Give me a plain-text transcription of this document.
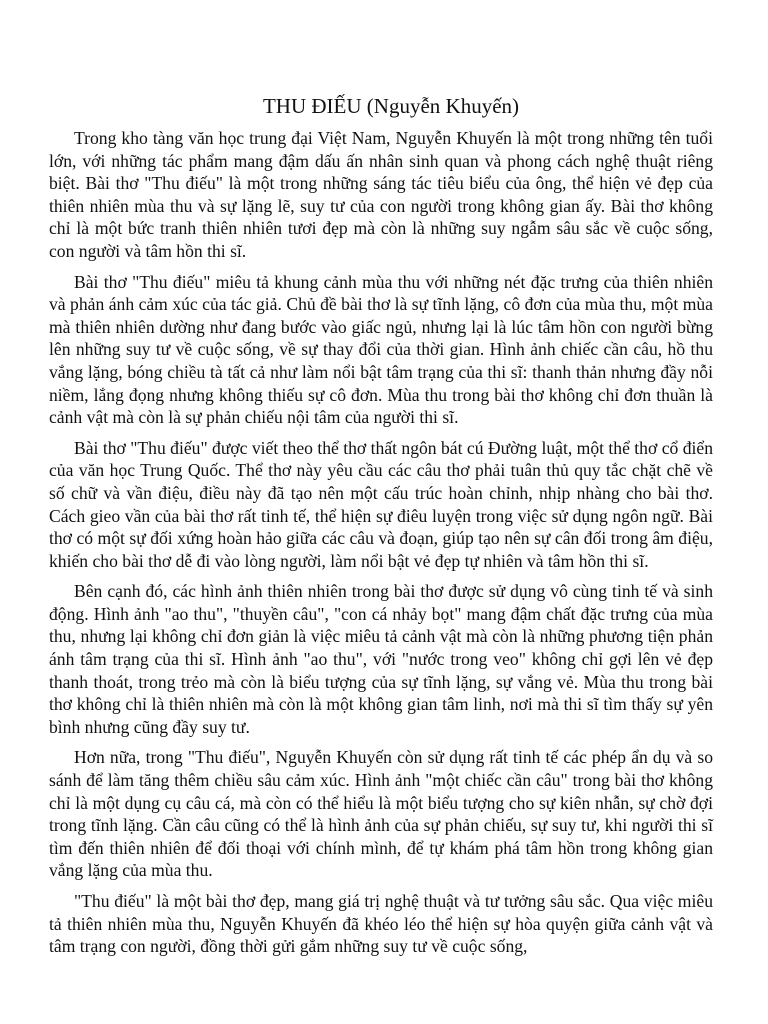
THU ĐIẾU (Nguyễn Khuyến)

Trong kho tàng văn học trung đại Việt Nam, Nguyễn Khuyến là một trong những tên tuổi lớn, với những tác phẩm mang đậm dấu ấn nhân sinh quan và phong cách nghệ thuật riêng biệt. Bài thơ "Thu điếu" là một trong những sáng tác tiêu biểu của ông, thể hiện vẻ đẹp của thiên nhiên mùa thu và sự lặng lẽ, suy tư của con người trong không gian ấy. Bài thơ không chỉ là một bức tranh thiên nhiên tươi đẹp mà còn là những suy ngẫm sâu sắc về cuộc sống, con người và tâm hồn thi sĩ.

Bài thơ "Thu điếu" miêu tả khung cảnh mùa thu với những nét đặc trưng của thiên nhiên và phản ánh cảm xúc của tác giả. Chủ đề bài thơ là sự tĩnh lặng, cô đơn của mùa thu, một mùa mà thiên nhiên dường như đang bước vào giấc ngủ, nhưng lại là lúc tâm hồn con người bừng lên những suy tư về cuộc sống, về sự thay đổi của thời gian. Hình ảnh chiếc cần câu, hồ thu vắng lặng, bóng chiều tà tất cả như làm nổi bật tâm trạng của thi sĩ: thanh thản nhưng đầy nỗi niềm, lắng đọng nhưng không thiếu sự cô đơn. Mùa thu trong bài thơ không chỉ đơn thuần là cảnh vật mà còn là sự phản chiếu nội tâm của người thi sĩ.

Bài thơ "Thu điếu" được viết theo thể thơ thất ngôn bát cú Đường luật, một thể thơ cổ điển của văn học Trung Quốc. Thể thơ này yêu cầu các câu thơ phải tuân thủ quy tắc chặt chẽ về số chữ và vần điệu, điều này đã tạo nên một cấu trúc hoàn chỉnh, nhịp nhàng cho bài thơ. Cách gieo vần của bài thơ rất tinh tế, thể hiện sự điêu luyện trong việc sử dụng ngôn ngữ. Bài thơ có một sự đối xứng hoàn hảo giữa các câu và đoạn, giúp tạo nên sự cân đối trong âm điệu, khiến cho bài thơ dễ đi vào lòng người, làm nổi bật vẻ đẹp tự nhiên và tâm hồn thi sĩ.

Bên cạnh đó, các hình ảnh thiên nhiên trong bài thơ được sử dụng vô cùng tinh tế và sinh động. Hình ảnh "ao thu", "thuyền câu", "con cá nhảy bọt" mang đậm chất đặc trưng của mùa thu, nhưng lại không chỉ đơn giản là việc miêu tả cảnh vật mà còn là những phương tiện phản ánh tâm trạng của thi sĩ. Hình ảnh "ao thu", với "nước trong veo" không chỉ gợi lên vẻ đẹp thanh thoát, trong trẻo mà còn là biểu tượng của sự tĩnh lặng, sự vắng vẻ. Mùa thu trong bài thơ không chỉ là thiên nhiên mà còn là một không gian tâm linh, nơi mà thi sĩ tìm thấy sự yên bình nhưng cũng đầy suy tư.

Hơn nữa, trong "Thu điếu", Nguyễn Khuyến còn sử dụng rất tinh tế các phép ẩn dụ và so sánh để làm tăng thêm chiều sâu cảm xúc. Hình ảnh "một chiếc cần câu" trong bài thơ không chỉ là một dụng cụ câu cá, mà còn có thể hiểu là một biểu tượng cho sự kiên nhẫn, sự chờ đợi trong tĩnh lặng. Cần câu cũng có thể là hình ảnh của sự phản chiếu, sự suy tư, khi người thi sĩ tìm đến thiên nhiên để đối thoại với chính mình, để tự khám phá tâm hồn trong không gian vắng lặng của mùa thu.

"Thu điếu" là một bài thơ đẹp, mang giá trị nghệ thuật và tư tưởng sâu sắc. Qua việc miêu tả thiên nhiên mùa thu, Nguyễn Khuyến đã khéo léo thể hiện sự hòa quyện giữa cảnh vật và tâm trạng con người, đồng thời gửi gắm những suy tư về cuộc sống,
